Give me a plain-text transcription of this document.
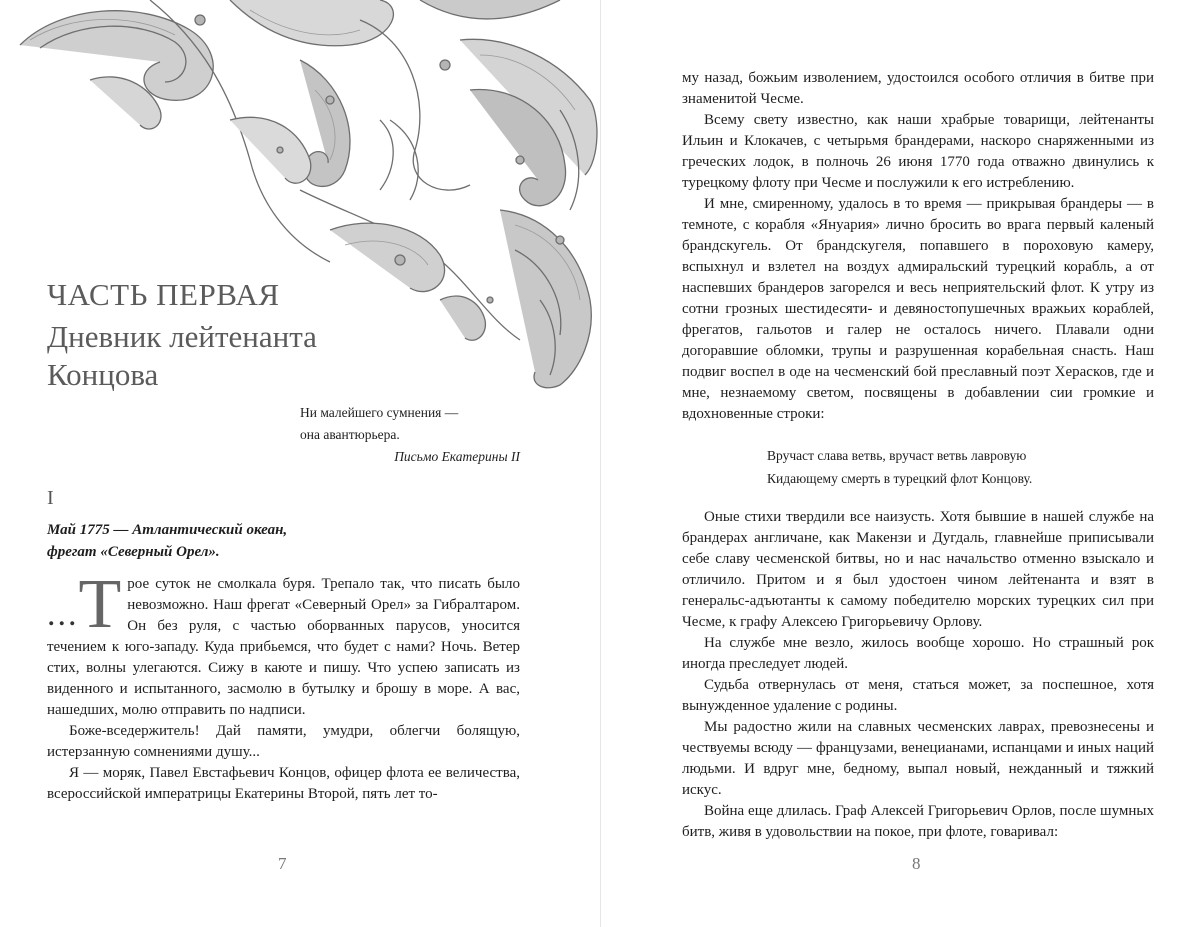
ЧАСТЬ ПЕРВАЯ
Дневник лейтенанта Концова
Ни малейшего сумнения —
она авантюрьера.
Письмо Екатерины II
I
Май 1775 — Атлантический океан,
фрегат «Северный Орел».

...Т рое суток не смолкала буря. Трепало так, что писать было невозможно. Наш фрегат «Северный Орел» за Гибралтаром. Он без руля, с частью оборванных парусов, уносится течением к юго-западу. Куда прибьемся, что будет с нами? Ночь. Ветер стих, волны улегаются. Сижу в каюте и пишу. Что успею записать из виденного и испытанного, засмолю в бутылку и брошу в море. А вас, нашедших, молю отправить по надписи.

Боже-вседержитель! Дай памяти, умудри, облегчи болящую, истерзанную сомнениями душу...

Я — моряк, Павел Евстафьевич Концов, офицер флота ее величества, всероссийской императрицы Екатерины Второй, пять лет то-

7

му назад, божьим изволением, удостоился особого отличия в битве при знаменитой Чесме.

Всему свету известно, как наши храбрые товарищи, лейтенанты Ильин и Клокачев, с четырьмя брандерами, наскоро снаряженными из греческих лодок, в полночь 26 июня 1770 года отважно двинулись к турецкому флоту при Чесме и послужили к его истреблению.

И мне, смиренному, удалось в то время — прикрывая брандеры — в темноте, с корабля «Януария» лично бросить во врага первый каленый брандскугель. От брандскугеля, попавшего в пороховую камеру, вспыхнул и взлетел на воздух адмиральский турецкий корабль, а от наспевших брандеров загорелся и весь неприятельский флот. К утру из сотни грозных шестидесяти- и девяностопушечных вражьих кораблей, фрегатов, гальотов и галер не осталось ничего. Плавали одни догоравшие обломки, трупы и разрушенная корабельная снасть. Наш подвиг воспел в оде на чесменский бой преславный поэт Херасков, где и мне, незнаемому светом, посвящены в добавлении сии громкие и вдохновенные строки:

Вручаст слава ветвь, вручаст ветвь лавровую
Кидающему смерть в турецкий флот Концову.

Оные стихи твердили все наизусть. Хотя бывшие в нашей службе на брандерах англичане, как Макензи и Дугдаль, главнейше приписывали себе славу чесменской битвы, но и нас начальство отменно взыскало и отличило. Притом и я был удостоен чином лейтенанта и взят в генеральс-адъютанты к самому победителю морских турецких сил при Чесме, к графу Алексею Григорьевичу Орлову.

На службе мне везло, жилось вообще хорошо. Но страшный рок иногда преследует людей.

Судьба отвернулась от меня, статься может, за поспешное, хотя вынужденное удаление с родины.

Мы радостно жили на славных чесменских лаврах, превознесены и чествуемы всюду — французами, венецианами, испанцами и иных наций людьми. И вдруг мне, бедному, выпал новый, нежданный и тяжкий искус.

Война еще длилась. Граф Алексей Григорьевич Орлов, после шумных битв, живя в удовольствии на покое, при флоте, говаривал:

8
